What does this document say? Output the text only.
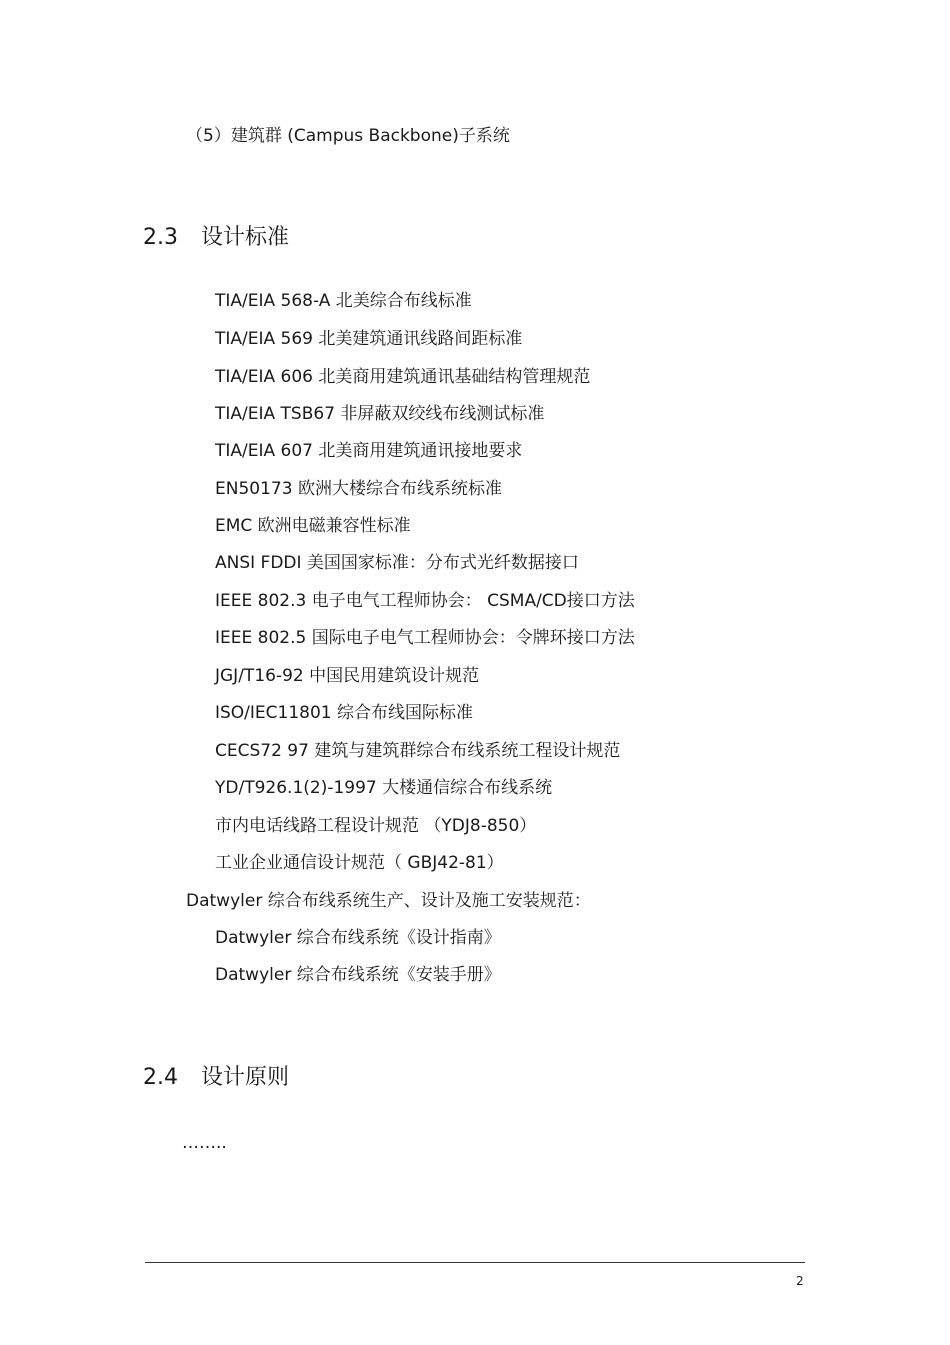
（5）建筑群 (Campus Backbone)子系统
2.3 设计标准
TIA/EIA 568-A 北美综合布线标准
TIA/EIA 569 北美建筑通讯线路间距标准
TIA/EIA 606 北美商用建筑通讯基础结构管理规范
TIA/EIA TSB67 非屏蔽双绞线布线测试标准
TIA/EIA 607 北美商用建筑通讯接地要求
EN50173 欧洲大楼综合布线系统标准
EMC 欧洲电磁兼容性标准
ANSI FDDI 美国国家标准：分布式光纤数据接口
IEEE 802.3 电子电气工程师协会： CSMA/CD接口方法
IEEE 802.5 国际电子电气工程师协会：令牌环接口方法
JGJ/T16-92 中国民用建筑设计规范
ISO/IEC11801 综合布线国际标准
CECS72 97 建筑与建筑群综合布线系统工程设计规范
YD/T926.1(2)-1997 大楼通信综合布线系统
市内电话线路工程设计规范 （YDJ8-850）
工业企业通信设计规范（ GBJ42-81）
Datwyler 综合布线系统生产、设计及施工安装规范：
Datwyler 综合布线系统《设计指南》
Datwyler 综合布线系统《安装手册》
2.4 设计原则
……..
2
